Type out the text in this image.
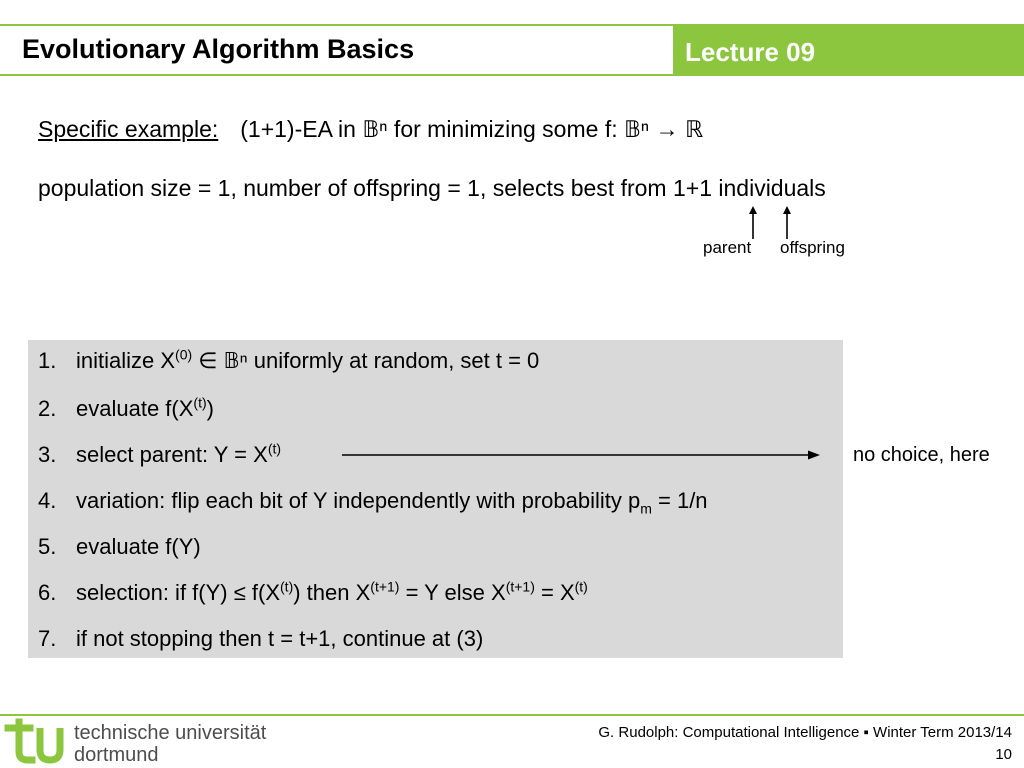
Evolutionary Algorithm Basics	Lecture 09
Specific example: (1+1)-EA in 𝔹ⁿ for minimizing some f: 𝔹ⁿ → ℝ
population size = 1, number of offspring = 1, selects best from 1+1 individuals
parent offspring
1. initialize $X^{(0)}$ ∈ 𝔹ⁿ uniformly at random, set t = 0
2. evaluate $f(X^{(t)})$
3. select parent: $Y = X^{(t)}$
4. variation: flip each bit of Y independently with probability $p_m = 1/n$
5. evaluate f(Y)
6. selection: if $f(Y) \le f(X^{(t)})$ then $X^{(t+1)} = Y$ else $X^{(t+1)} = X^{(t)}$
7. if not stopping then t = t+1, continue at (3)
no choice, here
technische universität
dortmund
G. Rudolph: Computational Intelligence ▪ Winter Term 2013/14
10
